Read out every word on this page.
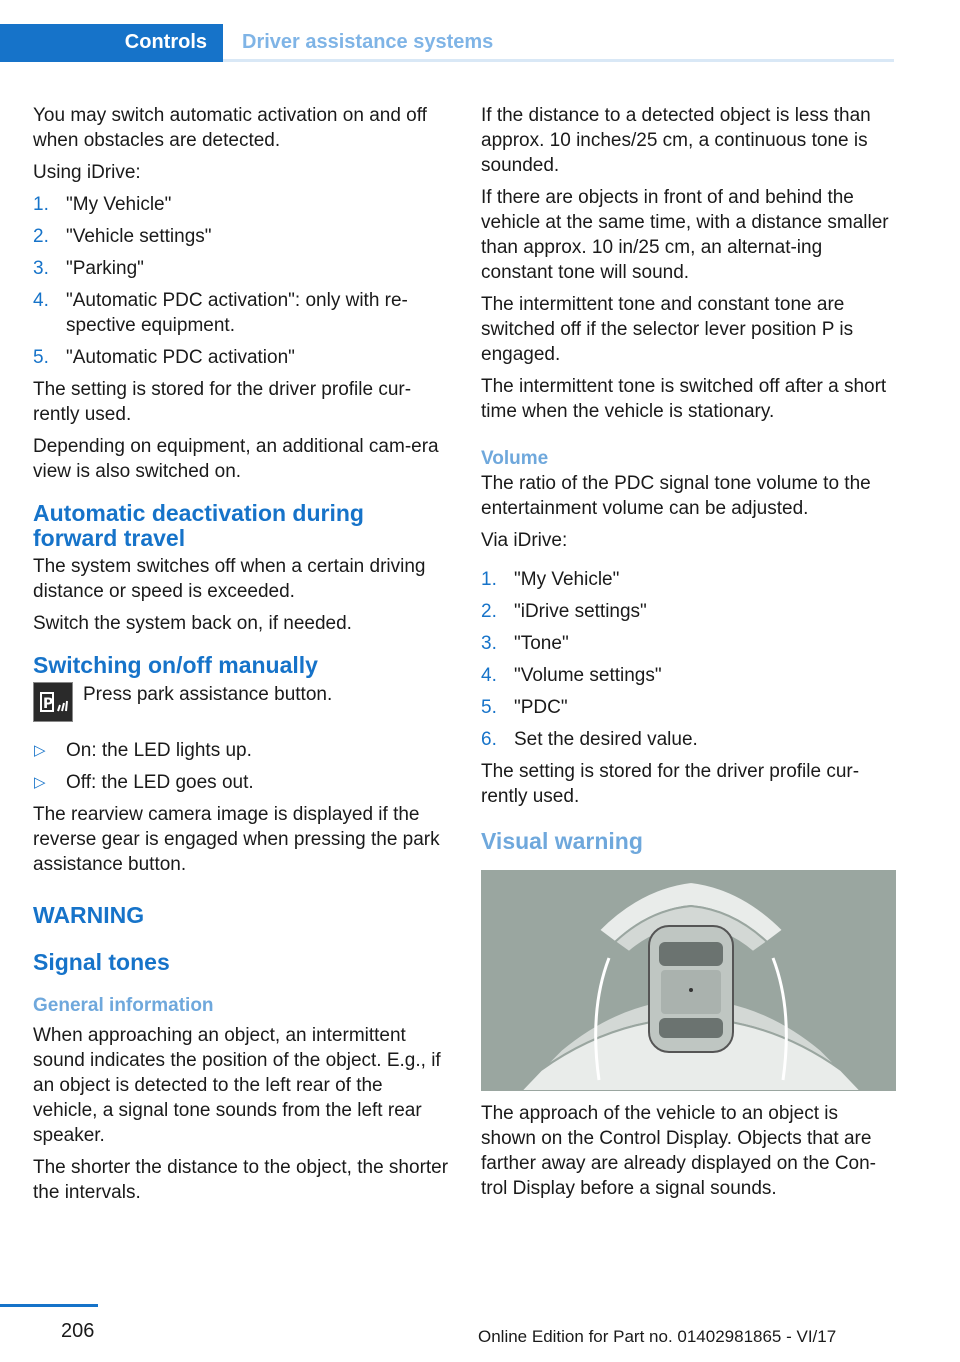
Controls Driver assistance systems

You may switch automatic activation on and off when obstacles are detected.

Using iDrive:

1. "My Vehicle"
2. "Vehicle settings"
3. "Parking"
4. "Automatic PDC activation": only with re-spective equipment.
5. "Automatic PDC activation"

The setting is stored for the driver profile cur-rently used.

Depending on equipment, an additional cam-era view is also switched on.

Automatic deactivation during forward travel

The system switches off when a certain driving distance or speed is exceeded.

Switch the system back on, if needed.

Switching on/off manually
P Press park assistance button.

▷ On: the LED lights up.
▷ Off: the LED goes out.

The rearview camera image is displayed if the reverse gear is engaged when pressing the park assistance button.

WARNING
Signal tones
General information

When approaching an object, an intermittent sound indicates the position of the object. E.g., if an object is detected to the left rear of the vehicle, a signal tone sounds from the left rear speaker.

The shorter the distance to the object, the shorter the intervals.

If the distance to a detected object is less than approx. 10 inches/25 cm, a continuous tone is sounded.

If there are objects in front of and behind the vehicle at the same time, with a distance smaller than approx. 10 in/25 cm, an alternat-ing constant tone will sound.

The intermittent tone and constant tone are switched off if the selector lever position P is engaged.

The intermittent tone is switched off after a short time when the vehicle is stationary.

Volume

The ratio of the PDC signal tone volume to the entertainment volume can be adjusted.

Via iDrive:

1. "My Vehicle"
2. "iDrive settings"
3. "Tone"
4. "Volume settings"
5. "PDC"
6. Set the desired value.

The setting is stored for the driver profile cur-rently used.

Visual warning

The approach of the vehicle to an object is shown on the Control Display. Objects that are farther away are already displayed on the Con-trol Display before a signal sounds.

206	Online Edition for Part no. 01402981865 - VI/17
